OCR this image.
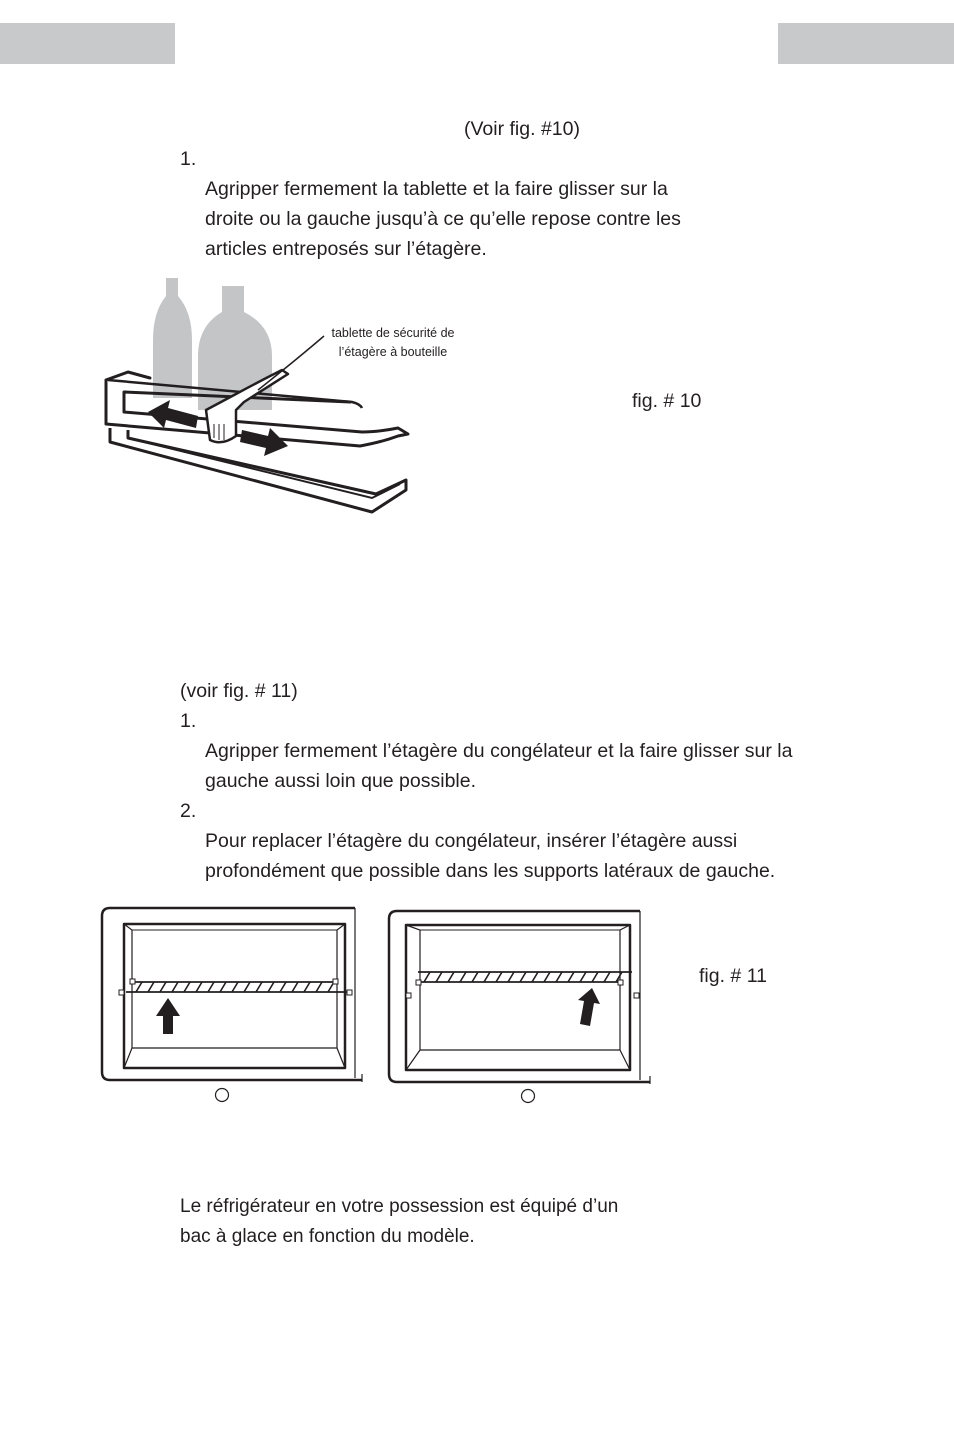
(Voir fig. #10)

1.
Agripper fermement la tablette et la faire glisser sur la
droite ou la gauche jusqu’à ce qu’elle repose contre les
articles entreposés sur l’étagère.

tablette de sécurité de
l’étagère à bouteille
fig. # 10
(voir fig. # 11)

1.
Agripper fermement l’étagère du congélateur et la faire glisser sur la
gauche aussi loin que possible.

2.
Pour replacer l’étagère du congélateur, insérer l’étagère aussi
profondément que possible dans les supports latéraux de gauche.

fig. # 11
Le réfrigérateur en votre possession est équipé d’un
bac à glace en fonction du modèle.
